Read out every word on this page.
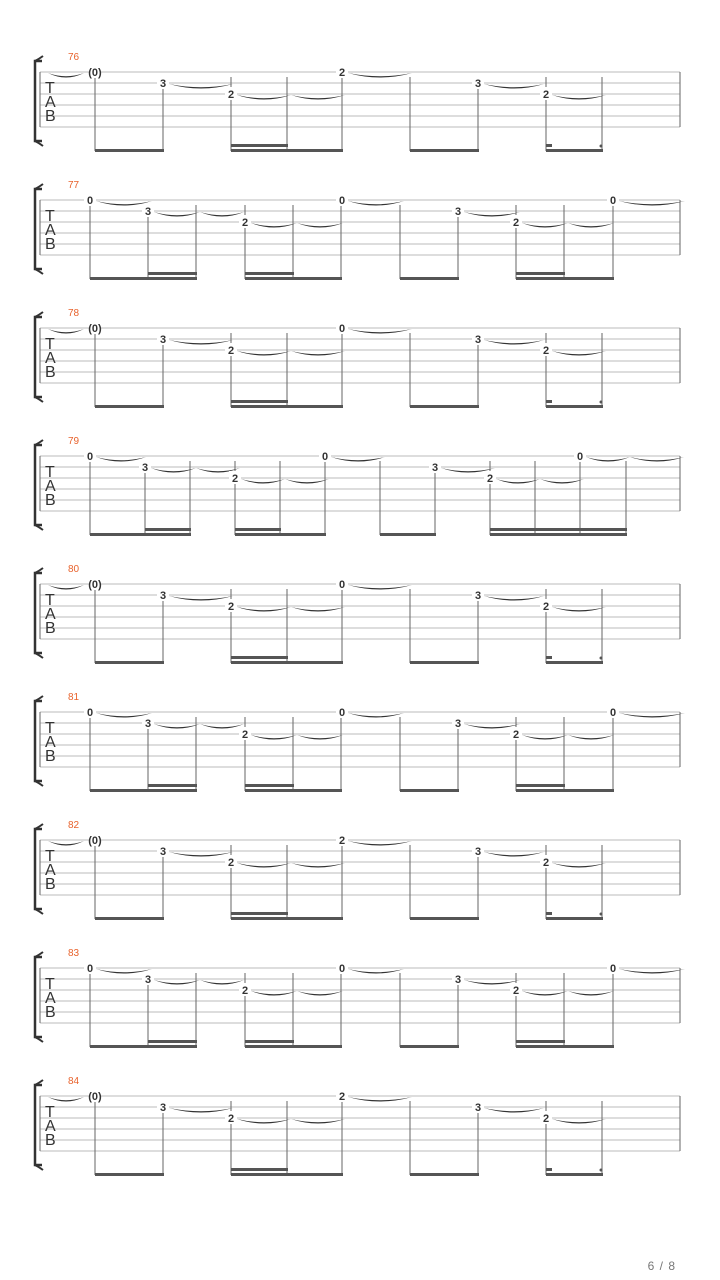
76
T
A
B
(0)
3
2
2
3
2
77
T
A
B
0
3
2
0
3
2
0
78
T
A
B
(0)
3
2
0
3
2
79
T
A
B
0
3
2
0
3
2
0
80
T
A
B
(0)
3
2
0
3
2
81
T
A
B
0
3
2
0
3
2
0
82
T
A
B
(0)
3
2
2
3
2
83
T
A
B
0
3
2
0
3
2
0
84
T
A
B
(0)
3
2
2
3
2
6 / 8
